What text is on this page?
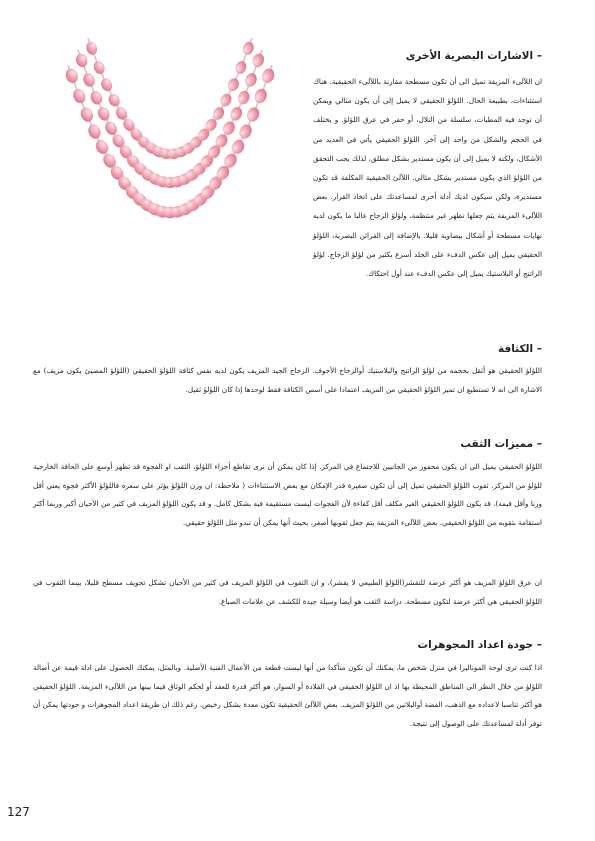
– الاشارات البصرية الأخرى

ان اللآلىء المزيفة تميل الى أن تكون مسطحة مقارنة باللآلىء الحقيقية. هناك استثناءات، بطبيعة الحال. اللؤلؤ الحقيقي لا يميل إلى أن يكون مثالي ويمكن أن توجد فيه المطبات، سلسلة من التلال، أو حفر في عرق اللؤلؤ. و يختلف في الحجم والشكل من واحد إلى آخر. اللؤلؤ الحقيقي يأتي في العديد من الأشكال، ولكنه لا يميل إلى أن يكون مستدير بشكل مطلق، لذلك يجب التحقق من اللؤلؤ الذي يكون مستدير بشكل مثالي. اللآلئ الحقيقية المكلفة قد تكون مستديرة، ولكن سيكون لديك أدلة أخرى لمساعدتك على اتخاذ القرار. بعض اللآلىء المزيفة يتم جعلها تظهر غير منتظمة، ولؤلؤ الزجاج غالبا ما يكون لديه نهايات مسطحة أو أشكال بيضاوية قليلا. بالإضافة إلى القرائن البصرية، اللؤلؤ الحقيقي يميل إلى عكس الدفء على الجلد أسرع بكثير من لؤلؤ الزجاج. لؤلؤ الراتنج أو البلاستيك يميل إلى عكس الدفء عند أول احتكاك.

– الكثافة

اللؤلؤ الحقيقي هو أثقل بحجمه من لؤلؤ الراتنج والبلاستيك أوالزجاج الأجوف. الزجاج الجيد المزيف يكون لديه نفس كثافة اللؤلؤ الحقيقي (اللؤلؤ المضيئ يكون مزيف) مع الاشارة الى انه لا تستطيع ان تميز اللؤلؤ الحقيقي من المزيف اعتمادا على أسس الكثافة فقط لوحدها إذا كان اللؤلؤ ثقيل.

– مميزات الثقب

اللؤلؤ الحقيقي يميل الى ان يكون محفور من الجانبين للاجتماع في المركز. إذا كان يمكن أن نرى تقاطع أجزاء اللؤلؤ، الثقب او الفجوة قد تظهر أوسع على الحافة الخارجية للؤلؤ من المركز. ثقوب اللؤلؤ الحقيقي تميل إلى أن تكون صغيرة قدر الإمكان مع بعض الاستثناءات ( ملاحظة: ان وزن اللؤلؤ يؤثر على سعره فاللؤلؤ الأكثر فجوة يعني أقل وزنا وأقل قيمة). قد يكون اللؤلؤ الحقيقي الغير مكلف أقل كفاءة لأن الفجوات ليست مستقيمة فيه بشكل كامل. و قد يكون اللؤلؤ المزيف في كثير من الأحيان أكبر وربما أكثر استقامة بثقوبه من اللؤلؤ الحقيقي. بعض اللآلىء المزيفة يتم جعل ثقوبها أصغر، بحيث أنها يمكن أن تبدو مثل اللؤلؤ حقيقي.

ان عرق اللؤلؤ المزيف هو أكثر عرضة للتقشر(اللؤلؤ الطبيعي لا يقشر)، و ان الثقوب في اللؤلؤ المزيف في كثير من الأحيان تشكل تجويف مسطح قليلا، بينما الثقوب في اللؤلؤ الحقيقي هي أكثر عرضة لتكون مسطحة. دراسة الثقب هو أيضا وسيلة جيدة للكشف عن علامات الصباغ.

– جودة اعداد المجوهرات

اذا كنت ترى لوحة الموناليزا في منزل شخص ما، يمكنك أن تكون متأكدا من أنها ليست قطعة من الأعمال الفنية الأصلية. وبالمثل، يمكنك الحصول على ادلة قيمة عن أصالة اللؤلؤ من خلال النظر الى المناطق المحيطة بها اذ ان اللؤلؤ الحقيقي في القلادة أو السوار، هو أكثر قدرة للعقد أو لحكم الوثاق فيما بينها من اللآلىء المزيفة. اللؤلؤ الحقيقي هو أكثر تناسبا لاعداده مع الذهب، الفضة أوالبلاتين من اللؤلؤ المزيف. بعض اللآلئ الحقيقية تكون معدة بشكل رخيص. رغم ذلك ان طريقة اعداد المجوهرات و جودتها يمكن أن توفر أدلة لمساعدتك على الوصول إلى نتيجة.

127
